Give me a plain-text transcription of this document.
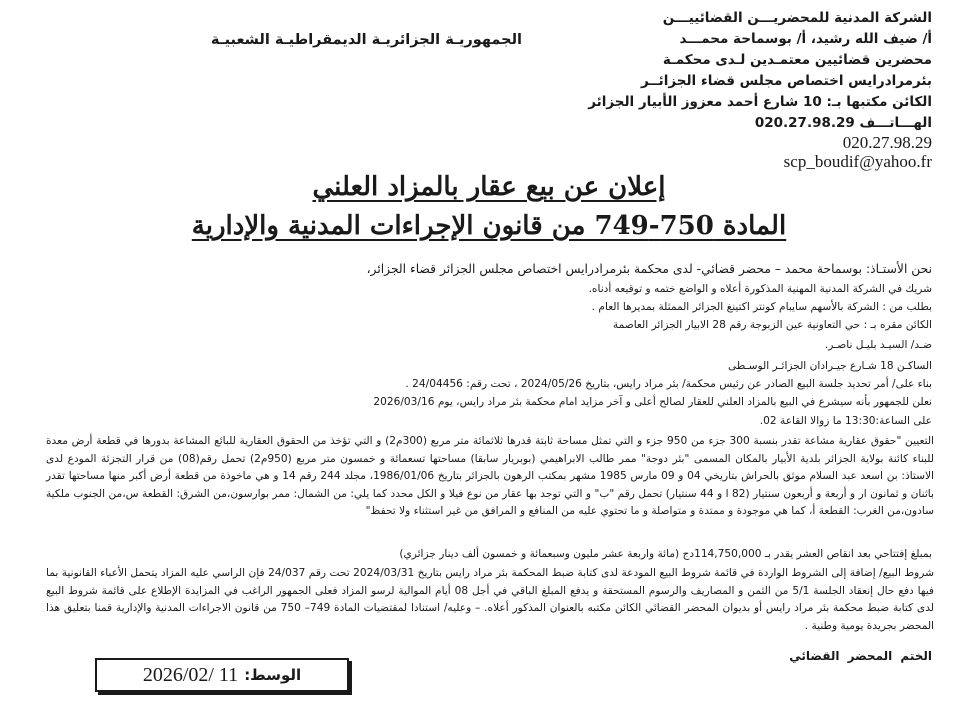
الشركة المدنية للمحضريـــن القضائييـــن
أ/ ضيف الله رشيد، أ/ بوسماحة محمـــد
محضرين قضائيين معتمـدين لـدى محكمـة
بئرمرادرايس اختصاص مجلس قضاء الجزائــر
الكائن مكتبها بـ: 10 شارع أحمد معزوز الأبيار الجزائر
الهـــاتـــف 020.27.98.29
020.27.98.29
scp_boudif@yahoo.fr
الجمهوريـة الجزائريـة الديمقراطيـة الشعبيـة
إعلان عن بيع عقار بالمزاد العلني
المادة 750-749 من قانون الإجراءات المدنية والإدارية
نحن الأستـاذ: بوسماحة محمد – محضر قضائي- لدى محكمة بئرمرادرايس اختصاص مجلس الجزائر قضاء الجزائر،
شريك في الشركة المدنية المهنية المذكورة أعلاه و الواضع ختمه و توقيعه أدناه.
بطلب من : الشركة بالأسهم سايبام كونتر اكتينغ الجزائر الممثلة بمديرها العام .
الكائن مقره بـ : حي التعاونية عين الزبوجة رقم 28 الابيار الجزائر العاصمة
ضـد/ السيـد بليـل ناصـر.
الساكـن 18 شـارع جيـرادان الجزائـر الوسـطى
بناء على/ أمر تحديد جلسة البيع الصادر عن رئيس محكمة/ بئر مراد رايس، بتاريخ 2024/05/26 ، تحت رقم: 24/04456 .
نعلن للجمهور بأنه سيشرع في البيع بالمزاد العلني للعقار لصالح أعلى و آخر مزايد امام محكمة بئر مراد رايس، يوم 2026/03/16
على الساعة:13:30 ما زوالا القاعة 02.
التعيين "حقوق عقارية مشاعة تقدر بنسبة 300 جزء من 950 جزء و التي تمثل مساحة ثابتة قدرها ثلاثمائة متر مربع (300م2) و التي تؤخذ من الحقوق العقارية للبائع المشاعة بدورها في قطعة أرض معدة للبناء كائنة بولاية الجزائر بلدية الأبيار بالمكان المسمى "بئر دوجة" ممر طالب الابراهيمي (بوبريار سابقا) مساحتها تسعمائة و خمسون متر مربع (950م2) تحمل رقم(08) من قرار التجزئة المودع لدى الاستاذ: بن اسعد عبد السلام موثق بالحراش بتاريخي 04 و 09 مارس 1985 مشهر بمكتب الرهون بالجزائر بتاريخ 1986/01/06، مجلد 244 رقم 14 و هي ماخوذة من قطعة أرض أكبر منها مساحتها تقدر باثنان و ثمانون ار و أربعة و أربعون سنتيار (82 ا و 44 سنتيار) تحمل رقم "ب" و التي توجد بها عقار من نوع فيلا و الكل محدد كما يلي: من الشمال: ممر بوارسون،من الشرق: القطعة س،من الجنوب ملكية سادون،من الغرب: القطعة أ، كما هي موجودة و ممتدة و متواصلة و ما تحتوي عليه من المنافع و المرافق من غير استثناء ولا تحفظ"
بمبلغ إفتتاحي بعد انقاص العشر يقدر بـ 114,750,000دج (مائة واربعة عشر مليون وسبعمائة و خمسون ألف دينار جزائري)
شروط البيع/ إضافة إلى الشروط الواردة في قائمة شروط البيع المودعة لدى كتابة ضبط المحكمة بئر مراد رايس بتاريخ 2024/03/31 تحت رقم 24/037 فإن الراسي عليه المزاد يتحمل الأعباء القانونية بما فيها دفع حال إنعقاد الجلسة 5/1 من الثمن و المصاريف والرسوم المستحقة و يدفع المبلغ الباقي في أجل 08 أيام الموالية لرسو المزاد فعلى الجمهور الراغب في المزايدة الإطلاع على قائمة شروط البيع لدى كتابة ضبط محكمة بئر مراد رايس أو بديوان المحضر القضائي الكائن مكتبه بالعنوان المذكور أعلاه. – وعليه/ استنادا لمقتضيات المادة 749– 750 من قانون الاجراءات المدنية والإدارية قمنا بتعليق هذا المحضر بجريدة يومية وطنية .
الختم المحضر القضائي
الوسط:
2026/02/ 11
